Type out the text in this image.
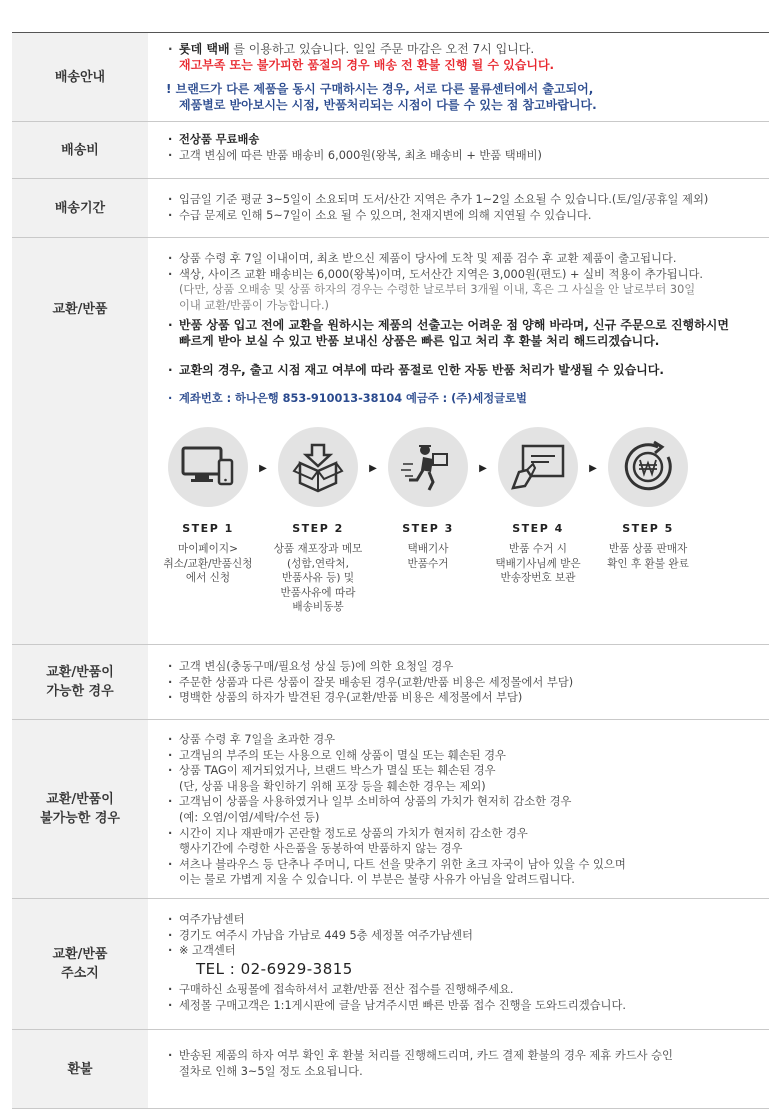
배송안내
· 롯데 택배 를 이용하고 있습니다. 일일 주문 마감은 오전 7시 입니다.
재고부족 또는 불가피한 품절의 경우 배송 전 환불 진행 될 수 있습니다.
! 브랜드가 다른 제품을 동시 구매하시는 경우, 서로 다른 물류센터에서 출고되어,
제품별로 받아보시는 시점, 반품처리되는 시점이 다를 수 있는 점 참고바랍니다.
배송비
· 전상품 무료배송
· 고객 변심에 따른 반품 배송비 6,000원(왕복, 최초 배송비 + 반품 택배비)
배송기간
· 입금일 기준 평균 3~5일이 소요되며 도서/산간 지역은 추가 1~2일 소요될 수 있습니다.(토/일/공휴일 제외)
· 수급 문제로 인해 5~7일이 소요 될 수 있으며, 천재지변에 의해 지연될 수 있습니다.
교환/반품
· 상품 수령 후 7일 이내이며, 최초 받으신 제품이 당사에 도착 및 제품 검수 후 교환 제품이 출고됩니다.
· 색상, 사이즈 교환 배송비는 6,000(왕복)이며, 도서산간 지역은 3,000원(편도) + 실비 적용이 추가됩니다.
(다만, 상품 오배송 및 상품 하자의 경우는 수령한 날로부터 3개월 이내, 혹은 그 사실을 안 날로부터 30일
이내 교환/반품이 가능합니다.)
· 반품 상품 입고 전에 교환을 원하시는 제품의 선출고는 어려운 점 양해 바라며, 신규 주문으로 진행하시면
빠르게 받아 보실 수 있고 반품 보내신 상품은 빠른 입고 처리 후 환불 처리 해드리겠습니다.
· 교환의 경우, 출고 시점 재고 여부에 따라 품절로 인한 자동 반품 처리가 발생될 수 있습니다.
· 계좌번호 : 하나은행 853-910013-38104 예금주 : (주)세정글로벌
STEP 1
마이페이지>
취소/교환/반품신청
에서 신청
▶
STEP 2
상품 재포장과 메모
(성함,연락처,
반품사유 등) 및
반품사유에 따라
배송비동봉
▶
STEP 3
택배기사
반품수거
▶
STEP 4
반품 수거 시
택배기사님께 받은
반송장번호 보관
▶
STEP 5
반품 상품 판매자
확인 후 환불 완료
교환/반품이
가능한 경우
· 고객 변심(충동구매/필요성 상실 등)에 의한 요청일 경우
· 주문한 상품과 다른 상품이 잘못 배송된 경우(교환/반품 비용은 세정몰에서 부담)
· 명백한 상품의 하자가 발견된 경우(교환/반품 비용은 세정몰에서 부담)
교환/반품이
불가능한 경우
· 상품 수령 후 7일을 초과한 경우
· 고객님의 부주의 또는 사용으로 인해 상품이 멸실 또는 훼손된 경우
· 상품 TAG이 제거되었거나, 브랜드 박스가 멸실 또는 훼손된 경우
(단, 상품 내용을 확인하기 위해 포장 등을 훼손한 경우는 제외)
· 고객님이 상품을 사용하였거나 일부 소비하여 상품의 가치가 현저히 감소한 경우
(예: 오염/이염/세탁/수선 등)
· 시간이 지나 재판매가 곤란할 정도로 상품의 가치가 현저히 감소한 경우
행사기간에 수령한 사은품을 동봉하여 반품하지 않는 경우
· 셔츠나 블라우스 등 단추나 주머니, 다트 선을 맞추기 위한 초크 자국이 남아 있을 수 있으며
이는 물로 가볍게 지울 수 있습니다. 이 부분은 불량 사유가 아님을 알려드립니다.
교환/반품
주소지
· 여주가남센터
· 경기도 여주시 가남읍 가남로 449 5층 세정몰 여주가남센터
· ※ 고객센터
TEL : 02-6929-3815
· 구매하신 쇼핑몰에 접속하셔서 교환/반품 전산 접수를 진행해주세요.
· 세정몰 구매고객은 1:1게시판에 글을 남겨주시면 빠른 반품 접수 진행을 도와드리겠습니다.
환불
· 반송된 제품의 하자 여부 확인 후 환불 처리를 진행해드리며, 카드 결제 환불의 경우 제휴 카드사 승인
절차로 인해 3~5일 정도 소요됩니다.
